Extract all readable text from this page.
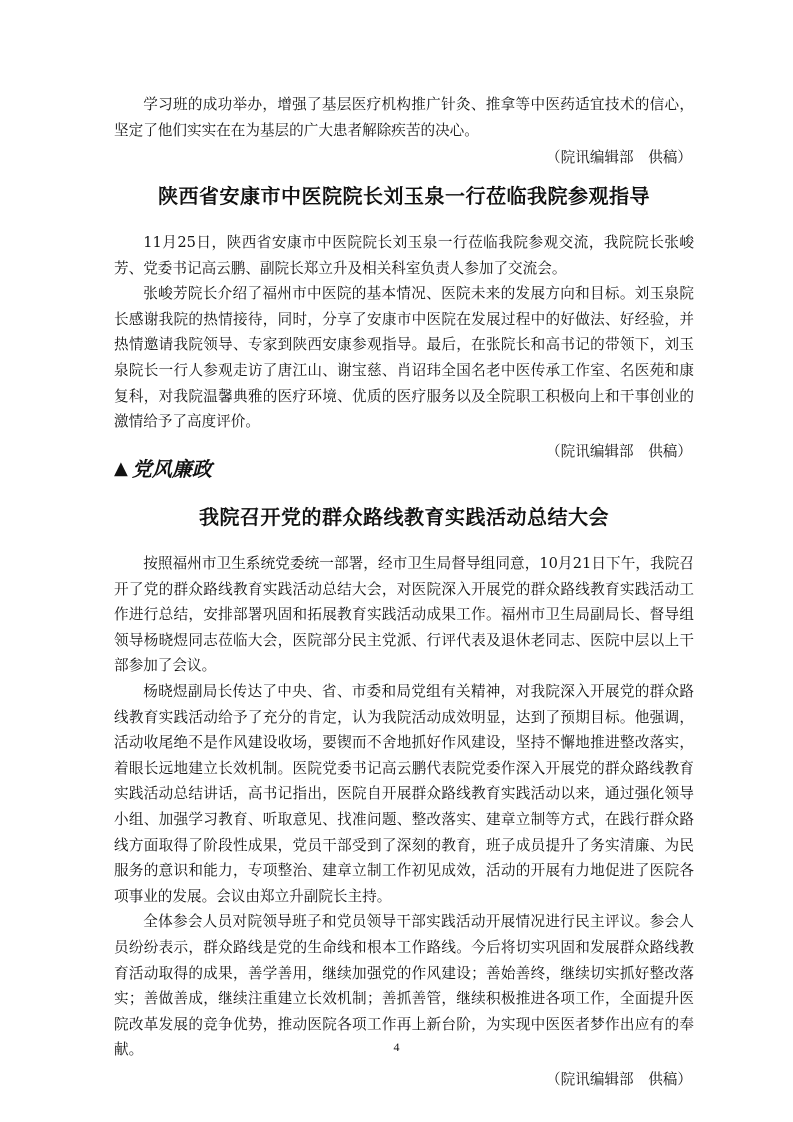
学习班的成功举办，增强了基层医疗机构推广针灸、推拿等中医药适宜技术的信心，坚定了他们实实在在为基层的广大患者解除疾苦的决心。

（院讯编辑部　供稿）

陕西省安康市中医院院长刘玉泉一行莅临我院参观指导

11月25日，陕西省安康市中医院院长刘玉泉一行莅临我院参观交流，我院院长张峻芳、党委书记高云鹏、副院长郑立升及相关科室负责人参加了交流会。

张峻芳院长介绍了福州市中医院的基本情况、医院未来的发展方向和目标。刘玉泉院长感谢我院的热情接待，同时，分享了安康市中医院在发展过程中的好做法、好经验，并热情邀请我院领导、专家到陕西安康参观指导。最后，在张院长和高书记的带领下，刘玉泉院长一行人参观走访了唐江山、谢宝慈、肖诏玮全国名老中医传承工作室、名医苑和康复科，对我院温馨典雅的医疗环境、优质的医疗服务以及全院职工积极向上和干事创业的激情给予了高度评价。

（院讯编辑部　供稿）

▲ 党风廉政
我院召开党的群众路线教育实践活动总结大会

按照福州市卫生系统党委统一部署，经市卫生局督导组同意，10月21日下午，我院召开了党的群众路线教育实践活动总结大会，对医院深入开展党的群众路线教育实践活动工作进行总结，安排部署巩固和拓展教育实践活动成果工作。福州市卫生局副局长、督导组领导杨晓煜同志莅临大会，医院部分民主党派、行评代表及退休老同志、医院中层以上干部参加了会议。

杨晓煜副局长传达了中央、省、市委和局党组有关精神，对我院深入开展党的群众路线教育实践活动给予了充分的肯定，认为我院活动成效明显，达到了预期目标。他强调，活动收尾绝不是作风建设收场，要锲而不舍地抓好作风建设，坚持不懈地推进整改落实，着眼长远地建立长效机制。医院党委书记高云鹏代表院党委作深入开展党的群众路线教育实践活动总结讲话，高书记指出，医院自开展群众路线教育实践活动以来，通过强化领导小组、加强学习教育、听取意见、找准问题、整改落实、建章立制等方式，在践行群众路线方面取得了阶段性成果，党员干部受到了深刻的教育，班子成员提升了务实清廉、为民服务的意识和能力，专项整治、建章立制工作初见成效，活动的开展有力地促进了医院各项事业的发展。会议由郑立升副院长主持。

全体参会人员对院领导班子和党员领导干部实践活动开展情况进行民主评议。参会人员纷纷表示，群众路线是党的生命线和根本工作路线。今后将切实巩固和发展群众路线教育活动取得的成果，善学善用，继续加强党的作风建设；善始善终，继续切实抓好整改落实；善做善成，继续注重建立长效机制；善抓善管，继续积极推进各项工作，全面提升医院改革发展的竞争优势，推动医院各项工作再上新台阶，为实现中医医者梦作出应有的奉献。

（院讯编辑部　供稿）

4
